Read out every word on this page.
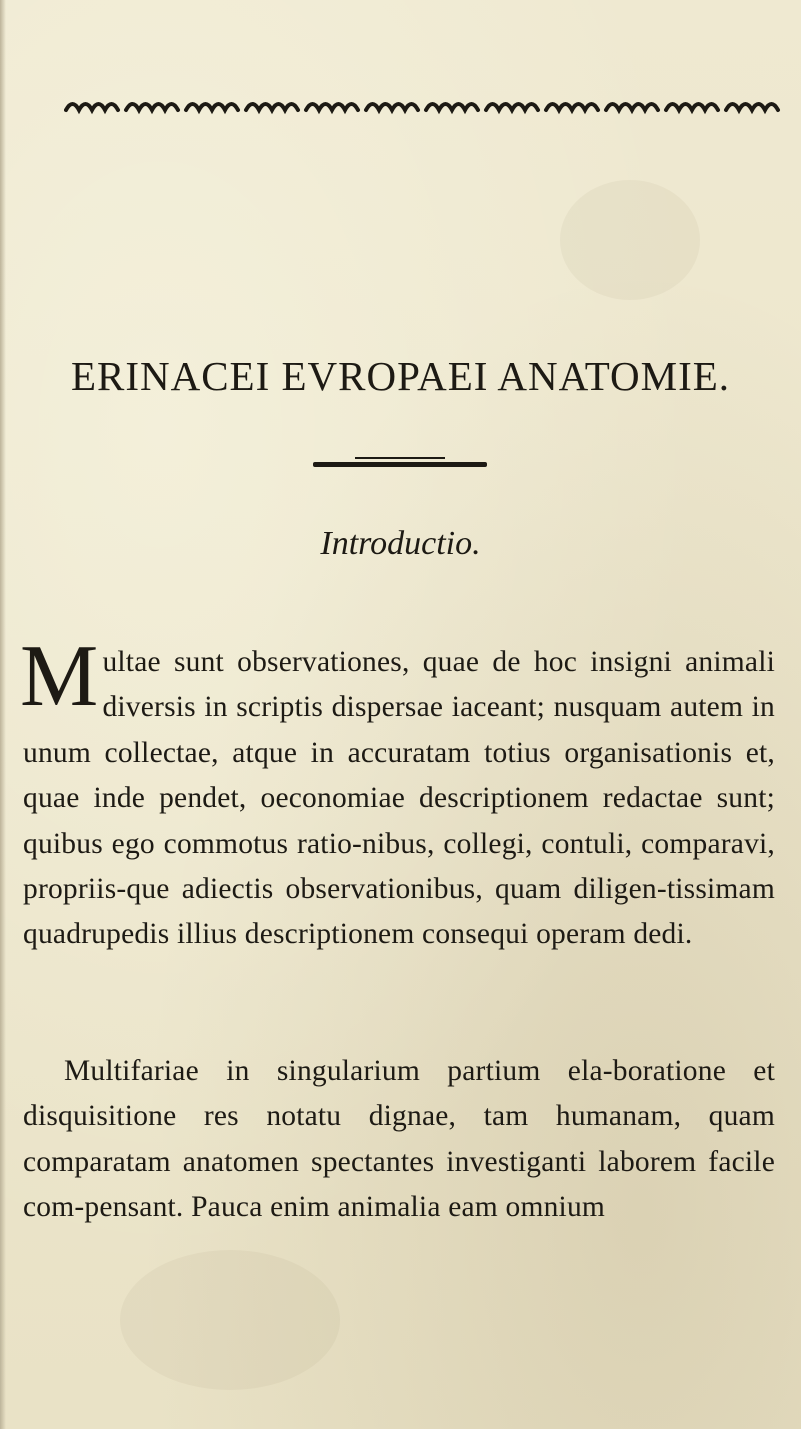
ERINACEI EVROPAEI ANATOMIE.
Introductio.

Multae sunt observationes, quae de hoc insigni animali diversis in scriptis dispersae iaceant; nusquam autem in unum collectae, atque in accuratam totius organisationis et, quae inde pendet, oeconomiae descriptionem redactae sunt; quibus ego commotus ratio-nibus, collegi, contuli, comparavi, propriis-que adiectis observationibus, quam diligen-tissimam quadrupedis illius descriptionem consequi operam dedi.

Multifariae in singularium partium ela-boratione et disquisitione res notatu dignae, tam humanam, quam comparatam anatomen spectantes investiganti laborem facile com-pensant. Pauca enim animalia eam omnium
